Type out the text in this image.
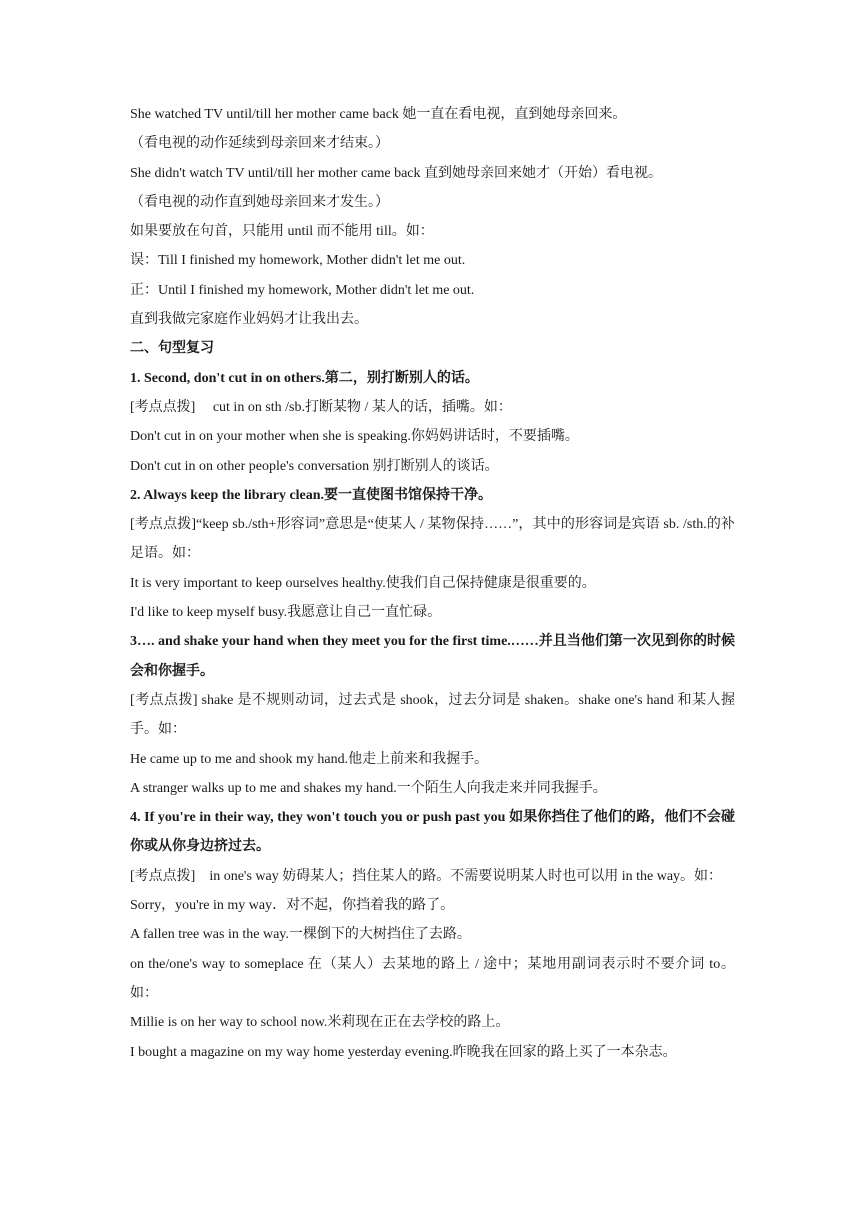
She watched TV until/till her mother came back 她一直在看电视，直到她母亲回来。
（看电视的动作延续到母亲回来才结束。）
She didn't watch TV until/till her mother came back 直到她母亲回来她才（开始）看电视。
（看电视的动作直到她母亲回来才发生。）
如果要放在句首，只能用 until 而不能用 till。如：
误：Till I finished my homework, Mother didn't let me out.
正：Until I finished my homework, Mother didn't let me out.
直到我做完家庭作业妈妈才让我出去。
二、句型复习
1. Second, don't cut in on others.第二，别打断别人的话。
[考点点拨]　 cut in on sth /sb.打断某物 / 某人的话，插嘴。如：
Don't cut in on your mother when she is speaking.你妈妈讲话时，不要插嘴。
Don't cut in on other people's conversation 别打断别人的谈话。
2. Always keep the library clean.要一直使图书馆保持干净。
[考点点拨]“keep sb./sth+形容词”意思是“使某人 / 某物保持……”，其中的形容词是宾语 sb. /sth.的补足语。如：
It is very important to keep ourselves healthy.使我们自己保持健康是很重要的。
I'd like to keep myself busy.我愿意让自己一直忙碌。
3…. and shake your hand when they meet you for the first time.……并且当他们第一次见到你的时候会和你握手。
[考点点拨] shake 是不规则动词，过去式是 shook，过去分词是 shaken。shake one's hand 和某人握手。如：
He came up to me and shook my hand.他走上前来和我握手。
A stranger walks up to me and shakes my hand.一个陌生人向我走来并同我握手。
4. If you're in their way, they won't touch you or push past you 如果你挡住了他们的路，他们不会碰你或从你身边挤过去。
[考点点拨]　in one's way 妨碍某人；挡住某人的路。不需要说明某人时也可以用 in the way。如：
Sorry，you're in my way．对不起，你挡着我的路了。
A fallen tree was in the way.一棵倒下的大树挡住了去路。
on the/one's way to someplace 在（某人）去某地的路上 / 途中；某地用副词表示时不要介词 to。如：
Millie is on her way to school now.米莉现在正在去学校的路上。
I bought a magazine on my way home yesterday evening.昨晚我在回家的路上买了一本杂志。
